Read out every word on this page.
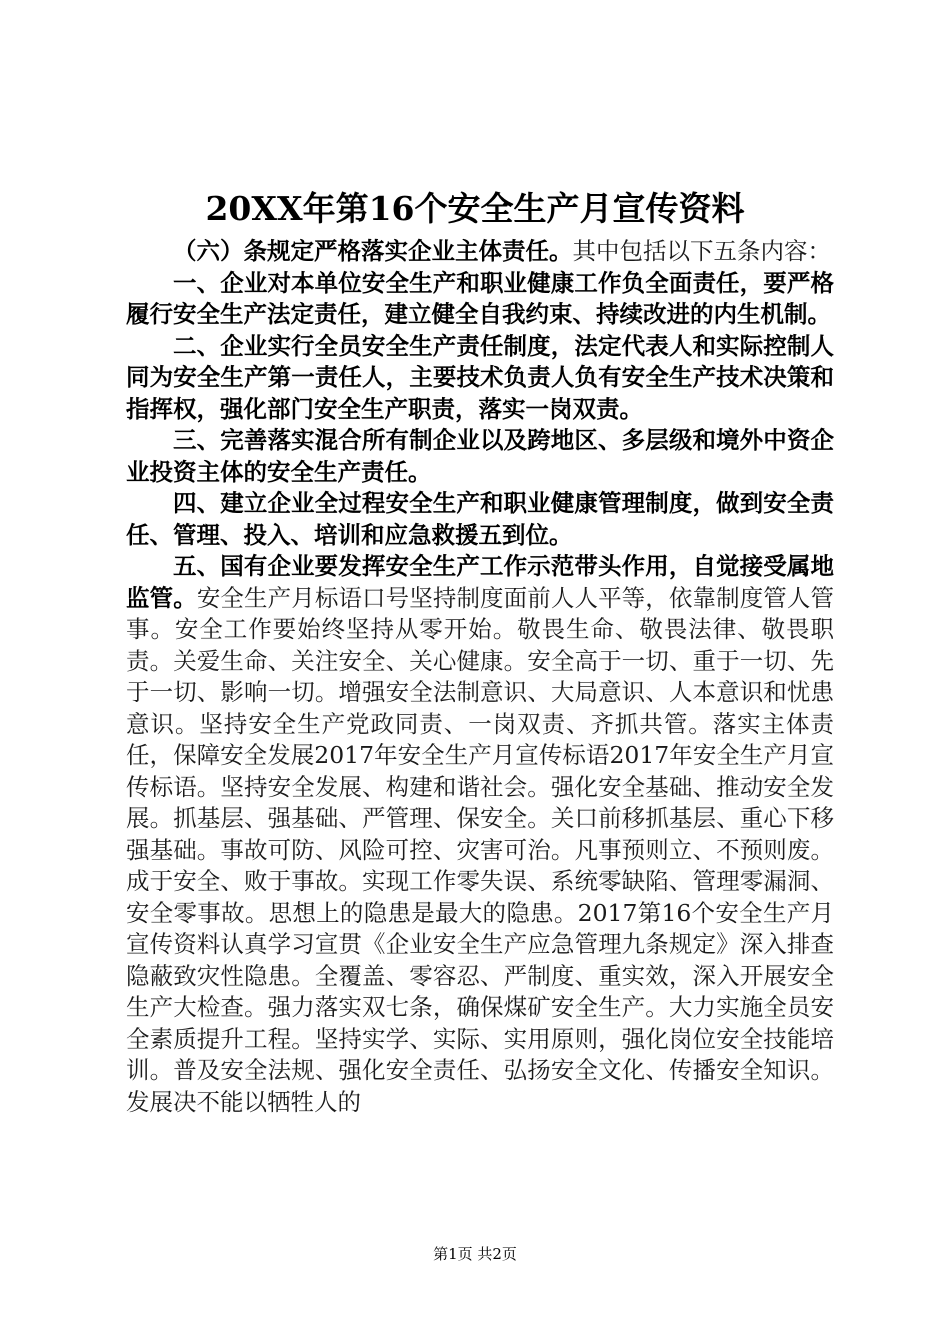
20XX年第16个安全生产月宣传资料

（六）条规定严格落实企业主体责任。其中包括以下五条内容：

一、企业对本单位安全生产和职业健康工作负全面责任，要严格履行安全生产法定责任，建立健全自我约束、持续改进的内生机制。

二、企业实行全员安全生产责任制度，法定代表人和实际控制人同为安全生产第一责任人，主要技术负责人负有安全生产技术决策和指挥权，强化部门安全生产职责，落实一岗双责。

三、完善落实混合所有制企业以及跨地区、多层级和境外中资企业投资主体的安全生产责任。

四、建立企业全过程安全生产和职业健康管理制度，做到安全责任、管理、投入、培训和应急救援五到位。

五、国有企业要发挥安全生产工作示范带头作用，自觉接受属地监管。安全生产月标语口号坚持制度面前人人平等，依靠制度管人管事。安全工作要始终坚持从零开始。敬畏生命、敬畏法律、敬畏职责。关爱生命、关注安全、关心健康。安全高于一切、重于一切、先于一切、影响一切。增强安全法制意识、大局意识、人本意识和忧患意识。坚持安全生产党政同责、一岗双责、齐抓共管。落实主体责任，保障安全发展2017年安全生产月宣传标语2017年安全生产月宣传标语。坚持安全发展、构建和谐社会。强化安全基础、推动安全发展。抓基层、强基础、严管理、保安全。关口前移抓基层、重心下移强基础。事故可防、风险可控、灾害可治。凡事预则立、不预则废。成于安全、败于事故。实现工作零失误、系统零缺陷、管理零漏洞、安全零事故。思想上的隐患是最大的隐患。2017第16个安全生产月宣传资料认真学习宣贯《企业安全生产应急管理九条规定》深入排查隐蔽致灾性隐患。全覆盖、零容忍、严制度、重实效，深入开展安全生产大检查。强力落实双七条，确保煤矿安全生产。大力实施全员安全素质提升工程。坚持实学、实际、实用原则，强化岗位安全技能培训。普及安全法规、强化安全责任、弘扬安全文化、传播安全知识。发展决不能以牺牲人的

第1页 共2页
